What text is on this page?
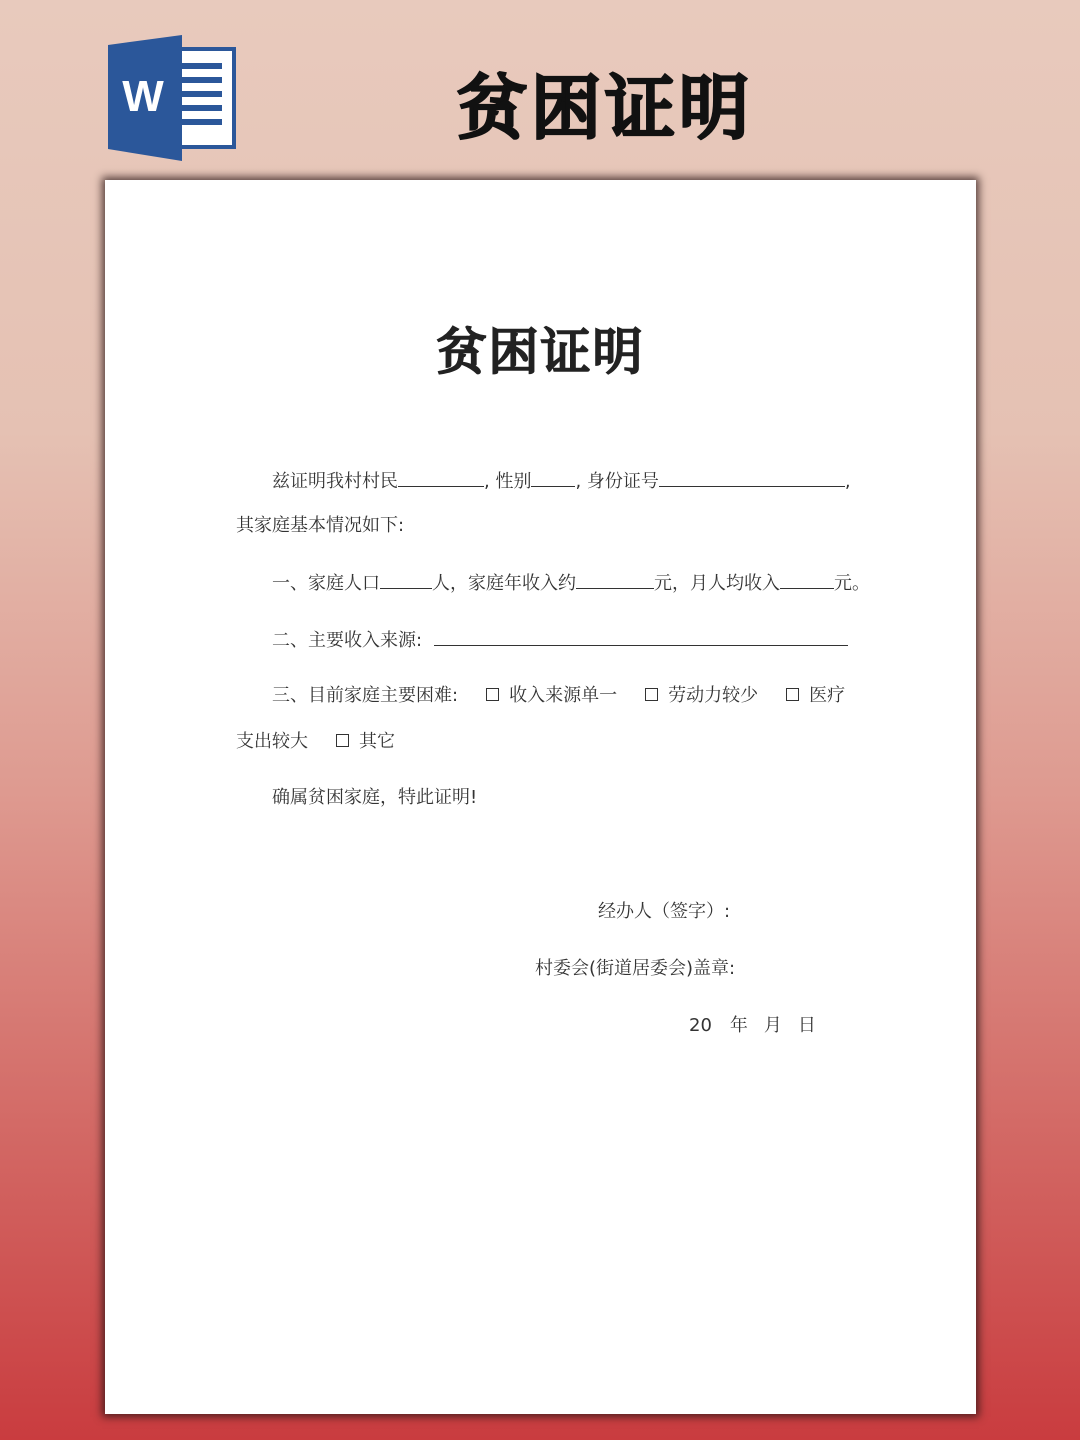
W	贫困证明
贫困证明
兹证明我村村民	, 性别 , 身份证号	,
其家庭基本情况如下:
一、家庭人口	人，家庭年收入约	元，月人均收入	元。
二、主要收入来源:
三、目前家庭主要困难:	收入来源单一	劳动力较少	医疗
支出较大	其它
确属贫困家庭，特此证明!
经办人（签字）:
村委会(街道居委会)盖章:
20 年 月 日
